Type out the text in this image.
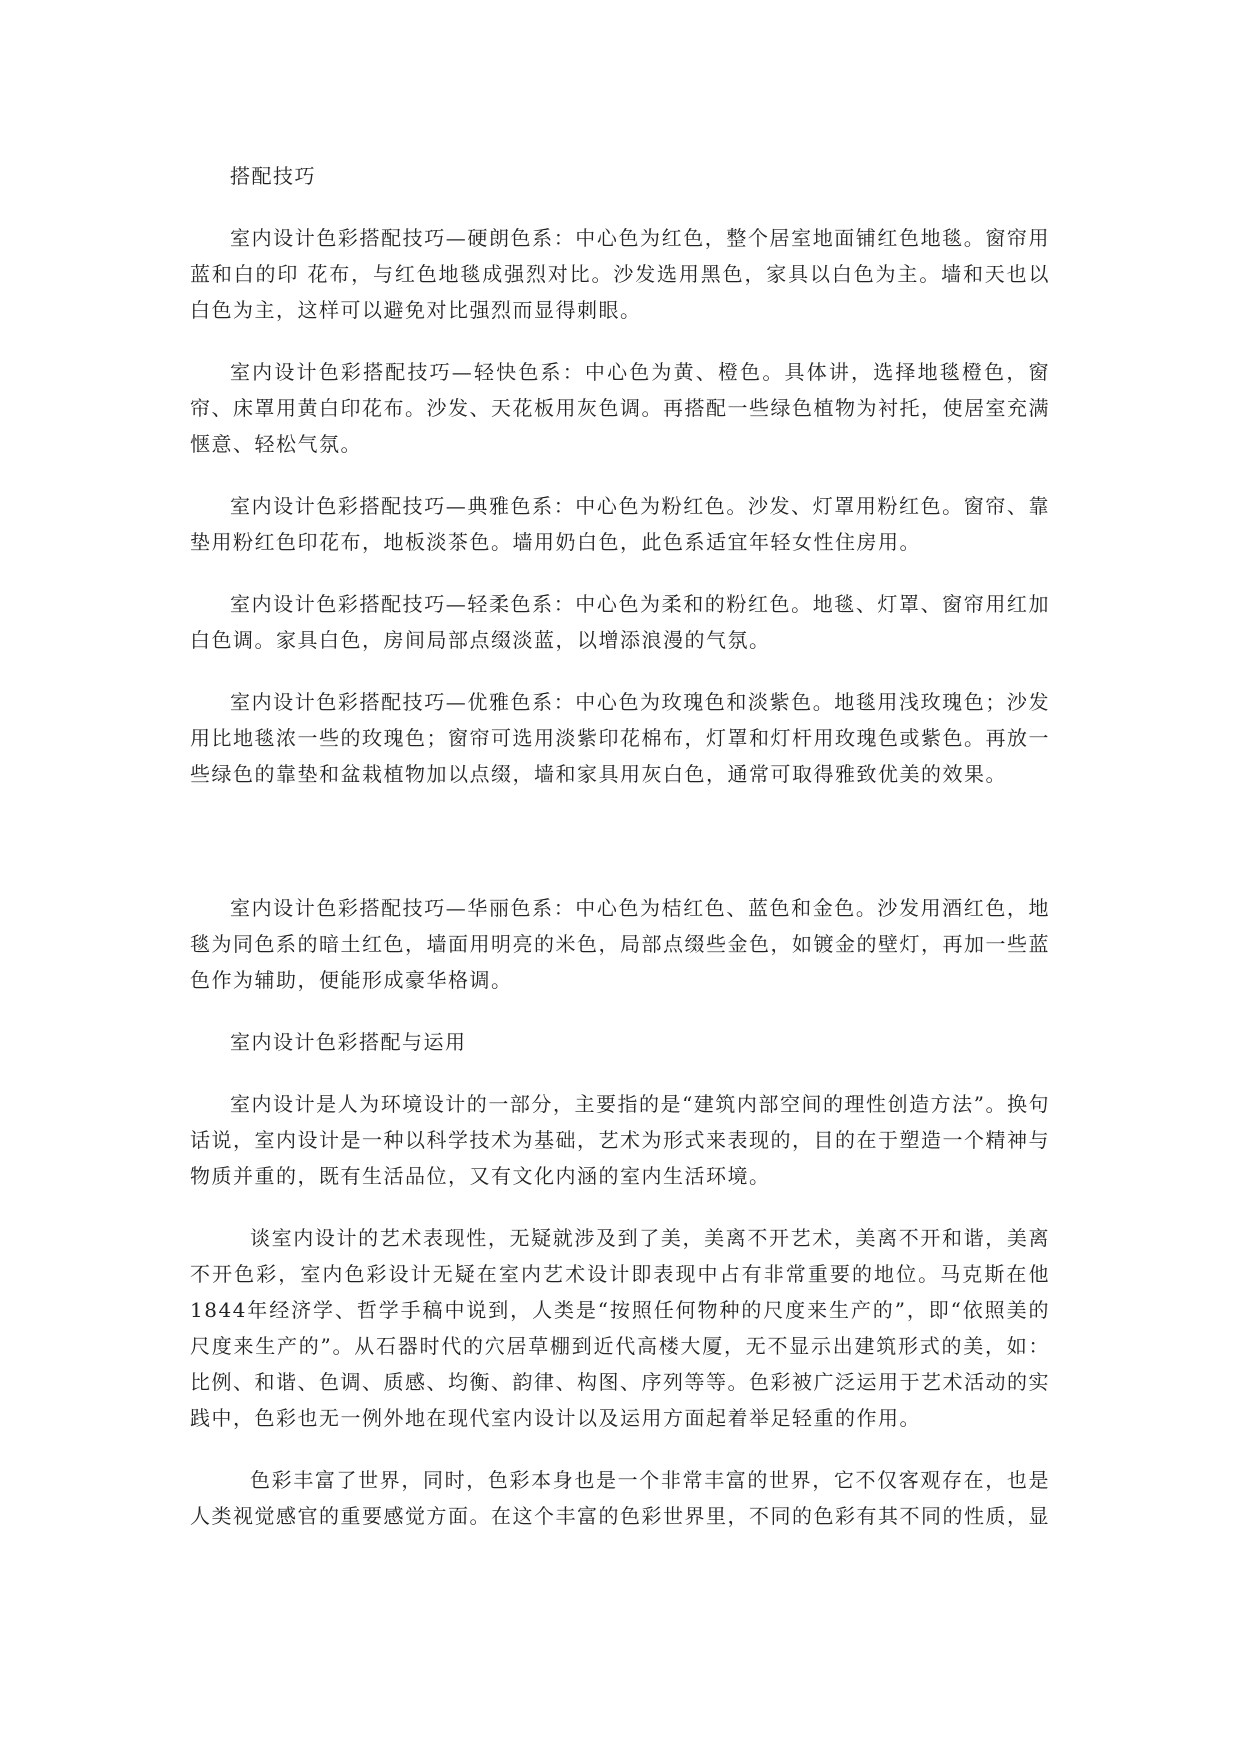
搭配技巧

室内设计色彩搭配技巧—硬朗色系：中心色为红色，整个居室地面铺红色地毯。窗帘用蓝和白的印 花布，与红色地毯成强烈对比。沙发选用黑色，家具以白色为主。墙和天也以白色为主，这样可以避免对比强烈而显得刺眼。

室内设计色彩搭配技巧—轻快色系：中心色为黄、橙色。具体讲，选择地毯橙色，窗帘、床罩用黄白印花布。沙发、天花板用灰色调。再搭配一些绿色植物为衬托，使居室充满惬意、轻松气氛。

室内设计色彩搭配技巧—典雅色系：中心色为粉红色。沙发、灯罩用粉红色。窗帘、靠垫用粉红色印花布，地板淡茶色。墙用奶白色，此色系适宜年轻女性住房用。

室内设计色彩搭配技巧—轻柔色系：中心色为柔和的粉红色。地毯、灯罩、窗帘用红加白色调。家具白色，房间局部点缀淡蓝，以增添浪漫的气氛。

室内设计色彩搭配技巧—优雅色系：中心色为玫瑰色和淡紫色。地毯用浅玫瑰色；沙发用比地毯浓一些的玫瑰色；窗帘可选用淡紫印花棉布，灯罩和灯杆用玫瑰色或紫色。再放一些绿色的靠垫和盆栽植物加以点缀，墙和家具用灰白色，通常可取得雅致优美的效果。

室内设计色彩搭配技巧—华丽色系：中心色为桔红色、蓝色和金色。沙发用酒红色，地毯为同色系的暗土红色，墙面用明亮的米色，局部点缀些金色，如镀金的壁灯，再加一些蓝色作为辅助，便能形成豪华格调。

室内设计色彩搭配与运用

室内设计是人为环境设计的一部分，主要指的是“建筑内部空间的理性创造方法”。换句话说，室内设计是一种以科学技术为基础，艺术为形式来表现的，目的在于塑造一个精神与物质并重的，既有生活品位，又有文化内涵的室内生活环境。

谈室内设计的艺术表现性，无疑就涉及到了美，美离不开艺术，美离不开和谐，美离不开色彩，室内色彩设计无疑在室内艺术设计即表现中占有非常重要的地位。马克斯在他1844年经济学、哲学手稿中说到，人类是“按照任何物种的尺度来生产的”，即“依照美的尺度来生产的”。从石器时代的穴居草棚到近代高楼大厦，无不显示出建筑形式的美，如：比例、和谐、色调、质感、均衡、韵律、构图、序列等等。色彩被广泛运用于艺术活动的实践中，色彩也无一例外地在现代室内设计以及运用方面起着举足轻重的作用。

色彩丰富了世界，同时，色彩本身也是一个非常丰富的世界，它不仅客观存在，也是人类视觉感官的重要感觉方面。在这个丰富的色彩世界里，不同的色彩有其不同的性质，显
